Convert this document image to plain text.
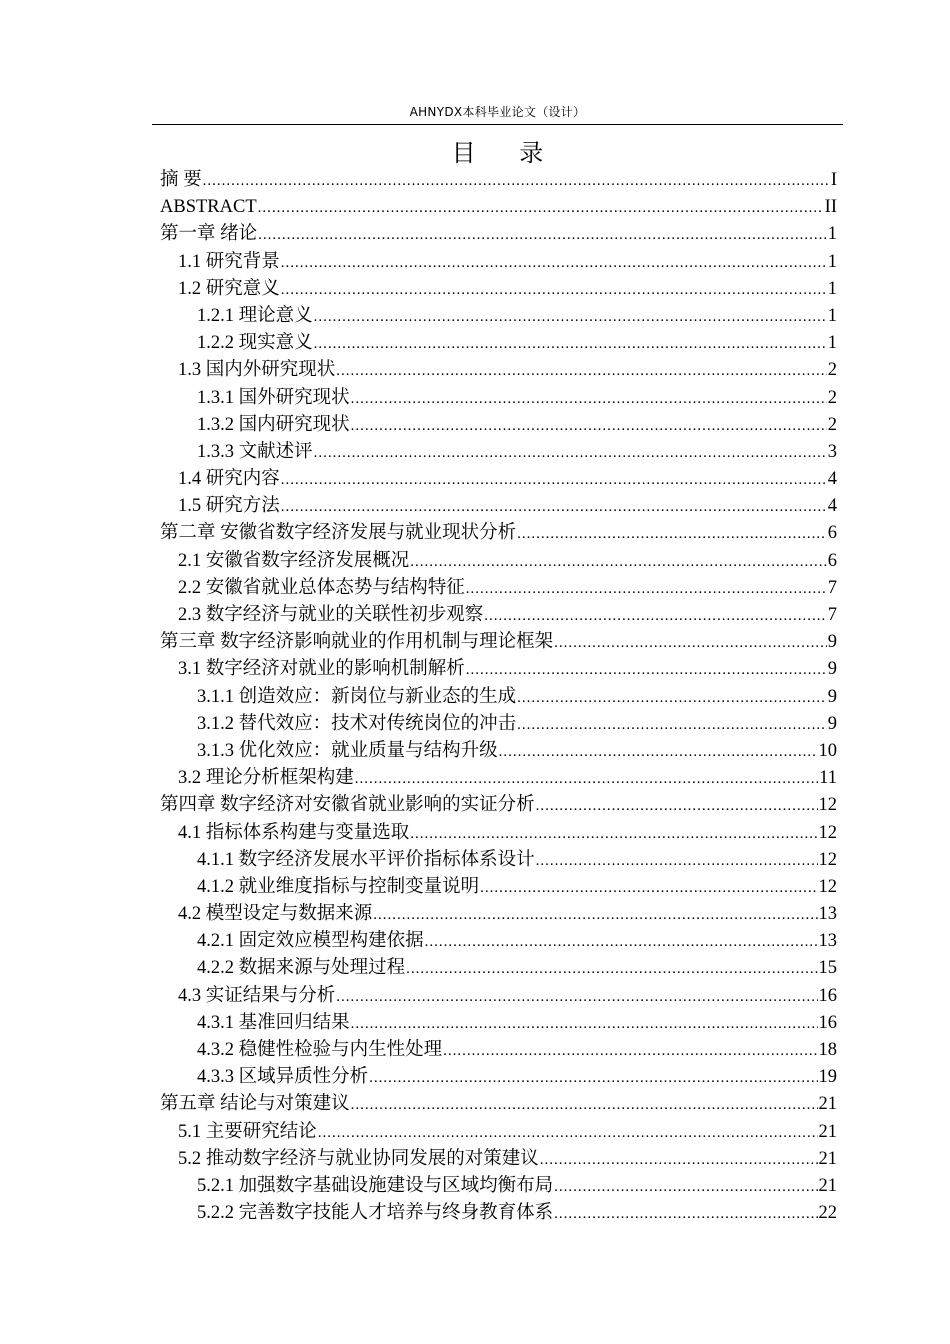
AHNYDX本科毕业论文（设计）
目 录
摘 要 .....	I
ABSTRACT .....	II
第一章 绪论 .....	1
1.1 研究背景 .....	1
1.2 研究意义 .....	1
1.2.1 理论意义 .....	1
1.2.2 现实意义 .....	1
1.3 国内外研究现状 .....	2
1.3.1 国外研究现状 .....	2
1.3.2 国内研究现状 .....	2
1.3.3 文献述评 .....	3
1.4 研究内容 .....	4
1.5 研究方法 .....	4
第二章 安徽省数字经济发展与就业现状分析 .....	6
2.1 安徽省数字经济发展概况 .....	6
2.2 安徽省就业总体态势与结构特征 .....	7
2.3 数字经济与就业的关联性初步观察 .....	7
第三章 数字经济影响就业的作用机制与理论框架 .....	9
3.1 数字经济对就业的影响机制解析 .....	9
3.1.1 创造效应：新岗位与新业态的生成 .....	9
3.1.2 替代效应：技术对传统岗位的冲击 .....	9
3.1.3 优化效应：就业质量与结构升级 .....	10
3.2 理论分析框架构建 .....	11
第四章 数字经济对安徽省就业影响的实证分析 .....	12
4.1 指标体系构建与变量选取 .....	12
4.1.1 数字经济发展水平评价指标体系设计 .....	12
4.1.2 就业维度指标与控制变量说明 .....	12
4.2 模型设定与数据来源 .....	13
4.2.1 固定效应模型构建依据 .....	13
4.2.2 数据来源与处理过程 .....	15
4.3 实证结果与分析 .....	16
4.3.1 基准回归结果 .....	16
4.3.2 稳健性检验与内生性处理 .....	18
4.3.3 区域异质性分析 .....	19
第五章 结论与对策建议 .....	21
5.1 主要研究结论 .....	21
5.2 推动数字经济与就业协同发展的对策建议 .....	21
5.2.1 加强数字基础设施建设与区域均衡布局 .....	21
5.2.2 完善数字技能人才培养与终身教育体系 .....	22
